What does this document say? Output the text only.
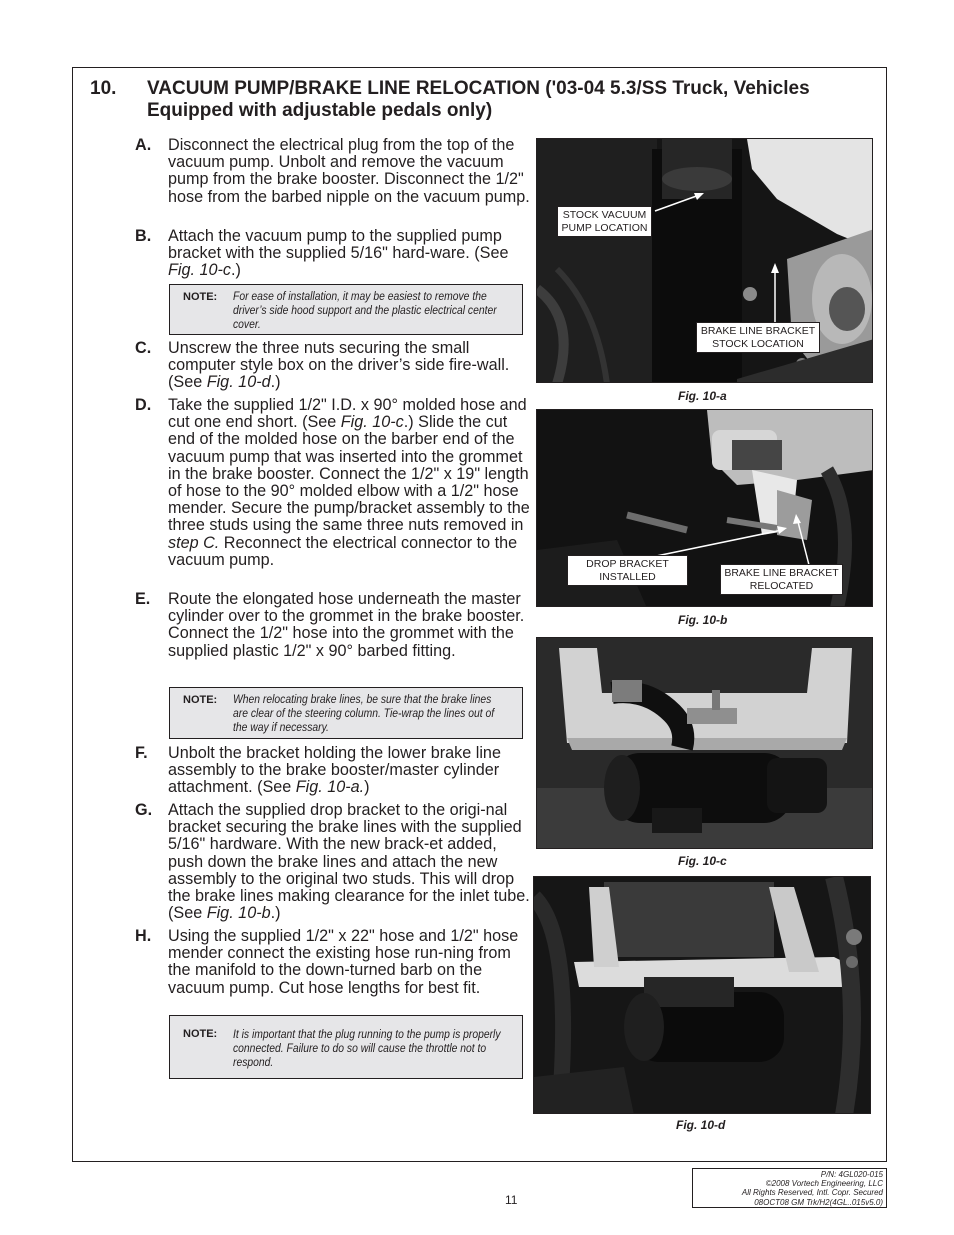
10. VACUUM PUMP/BRAKE LINE RELOCATION ('03-04 5.3/SS Truck, Vehicles Equipped with adjustable pedals only)
A. Disconnect the electrical plug from the top of the vacuum pump. Unbolt and remove the vacuum pump from the brake booster. Disconnect the 1/2" hose from the barbed nipple on the vacuum pump.
B. Attach the vacuum pump to the supplied pump bracket with the supplied 5/16" hard-ware. (See Fig. 10-c.)
NOTE: For ease of installation, it may be easiest to remove the driver’s side hood support and the plastic electrical center cover.
C. Unscrew the three nuts securing the small computer style box on the driver’s side fire-wall. (See Fig. 10-d.)
D. Take the supplied 1/2" I.D. x 90° molded hose and cut one end short. (See Fig. 10-c.) Slide the cut end of the molded hose on the barber end of the vacuum pump that was inserted into the grommet in the brake booster. Connect the 1/2" x 19" length of hose to the 90° molded elbow with a 1/2" hose mender. Secure the pump/bracket assembly to the three studs using the same three nuts removed in step C. Reconnect the electrical connector to the vacuum pump.
E. Route the elongated hose underneath the master cylinder over to the grommet in the brake booster. Connect the 1/2" hose into the grommet with the supplied plastic 1/2" x 90° barbed fitting.
NOTE: When relocating brake lines, be sure that the brake lines are clear of the steering column. Tie-wrap the lines out of the way if necessary.
F. Unbolt the bracket holding the lower brake line assembly to the brake booster/master cylinder attachment. (See Fig. 10-a.)
G. Attach the supplied drop bracket to the origi-nal bracket securing the brake lines with the supplied 5/16" hardware. With the new brack-et added, push down the brake lines and attach the new assembly to the original two studs. This will drop the brake lines making clearance for the inlet tube. (See Fig. 10-b.)
H. Using the supplied 1/2" x 22" hose and 1/2" hose mender connect the existing hose run-ning from the manifold to the down-turned barb on the vacuum pump. Cut hose lengths for best fit.
NOTE: It is important that the plug running to the pump is properly connected. Failure to do so will cause the throttle not to respond.
STOCK VACUUM PUMP LOCATION
BRAKE LINE BRACKET STOCK LOCATION
Fig. 10-a
DROP BRACKET INSTALLED	BRAKE LINE BRACKET RELOCATED
Fig. 10-b
Fig. 10-c
Fig. 10-d
11
P/N: 4GL020-015
©2008 Vortech Engineering, LLC
All Rights Reserved, Intl. Copr. Secured
08OCT08 GM Trk/H2(4GL..015v5.0)
